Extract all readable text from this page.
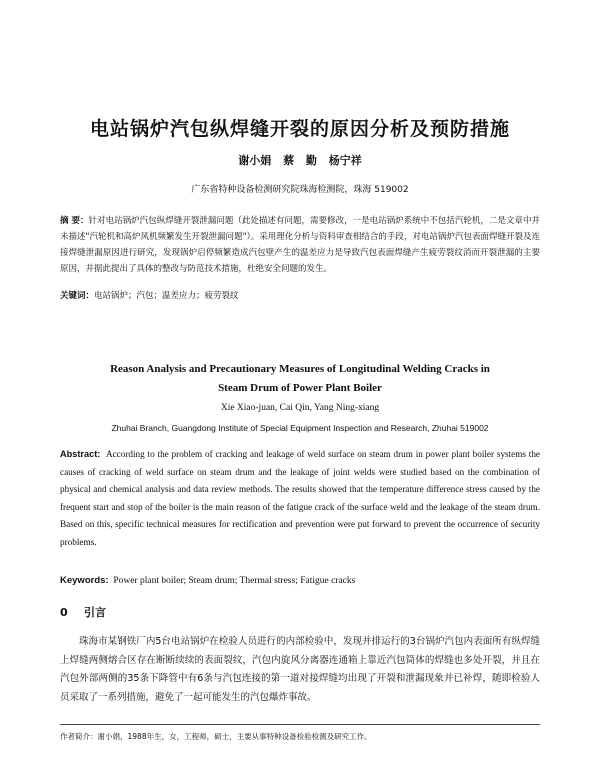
电站锅炉汽包纵焊缝开裂的原因分析及预防措施
谢小娟 蔡 勤 杨宁祥
广东省特种设备检测研究院珠海检测院，珠海 519002
摘 要：针对电站锅炉汽包纵焊缝开裂泄漏问题（此处描述有问题，需要修改，一是电站锅炉系统中不包括汽轮机，二是文章中并未描述"汽轮机和高炉风机频繁发生开裂泄漏问题"）。采用理化分析与资料审查相结合的手段，对电站锅炉汽包表面焊缝开裂及连接焊缝泄漏原因进行研究，发现锅炉启停频繁造成汽包壁产生的温差应力是导致汽包表面焊缝产生疲劳裂纹消而开裂泄漏的主要原因，并据此提出了具体的整改与防范技术措施，杜绝安全问题的发生。
关键词：电站锅炉；汽包；温差应力；疲劳裂纹
Reason Analysis and Precautionary Measures of Longitudinal Welding Cracks in
Steam Drum of Power Plant Boiler
Xie Xiao-juan, Cai Qin, Yang Ning-xiang
Zhuhai Branch, Guangdong Institute of Special Equipment Inspection and Research, Zhuhai 519002
Abstract: According to the problem of cracking and leakage of weld surface on steam drum in power plant boiler systems the causes of cracking of weld surface on steam drum and the leakage of joint welds were studied based on the combination of physical and chemical analysis and data review methods. The results showed that the temperature difference stress caused by the frequent start and stop of the boiler is the main reason of the fatigue crack of the surface weld and the leakage of the steam drum. Based on this, specific technical measures for rectification and prevention were put forward to prevent the occurrence of security problems.
Keywords: Power plant boiler; Steam drum; Thermal stress; Fatigue cracks
0 引言
珠海市某钢铁厂内5台电站锅炉在检验人员进行的内部检验中，发现并排运行的3台锅炉汽包内表面所有纵焊缝上焊缝两侧熔合区存在断断续续的表面裂纹，汽包内旋风分离器连通箱上靠近汽包筒体的焊缝也多处开裂，并且在汽包外部两侧的35条下降管中有6条与汽包连接的第一道对接焊缝均出现了开裂和泄漏现象并已补焊，随即检验人员采取了一系列措施，避免了一起可能发生的汽包爆炸事故。
作者简介：谢小娟，1988年生，女，工程师，硕士，主要从事特种设备检验检测及研究工作。
